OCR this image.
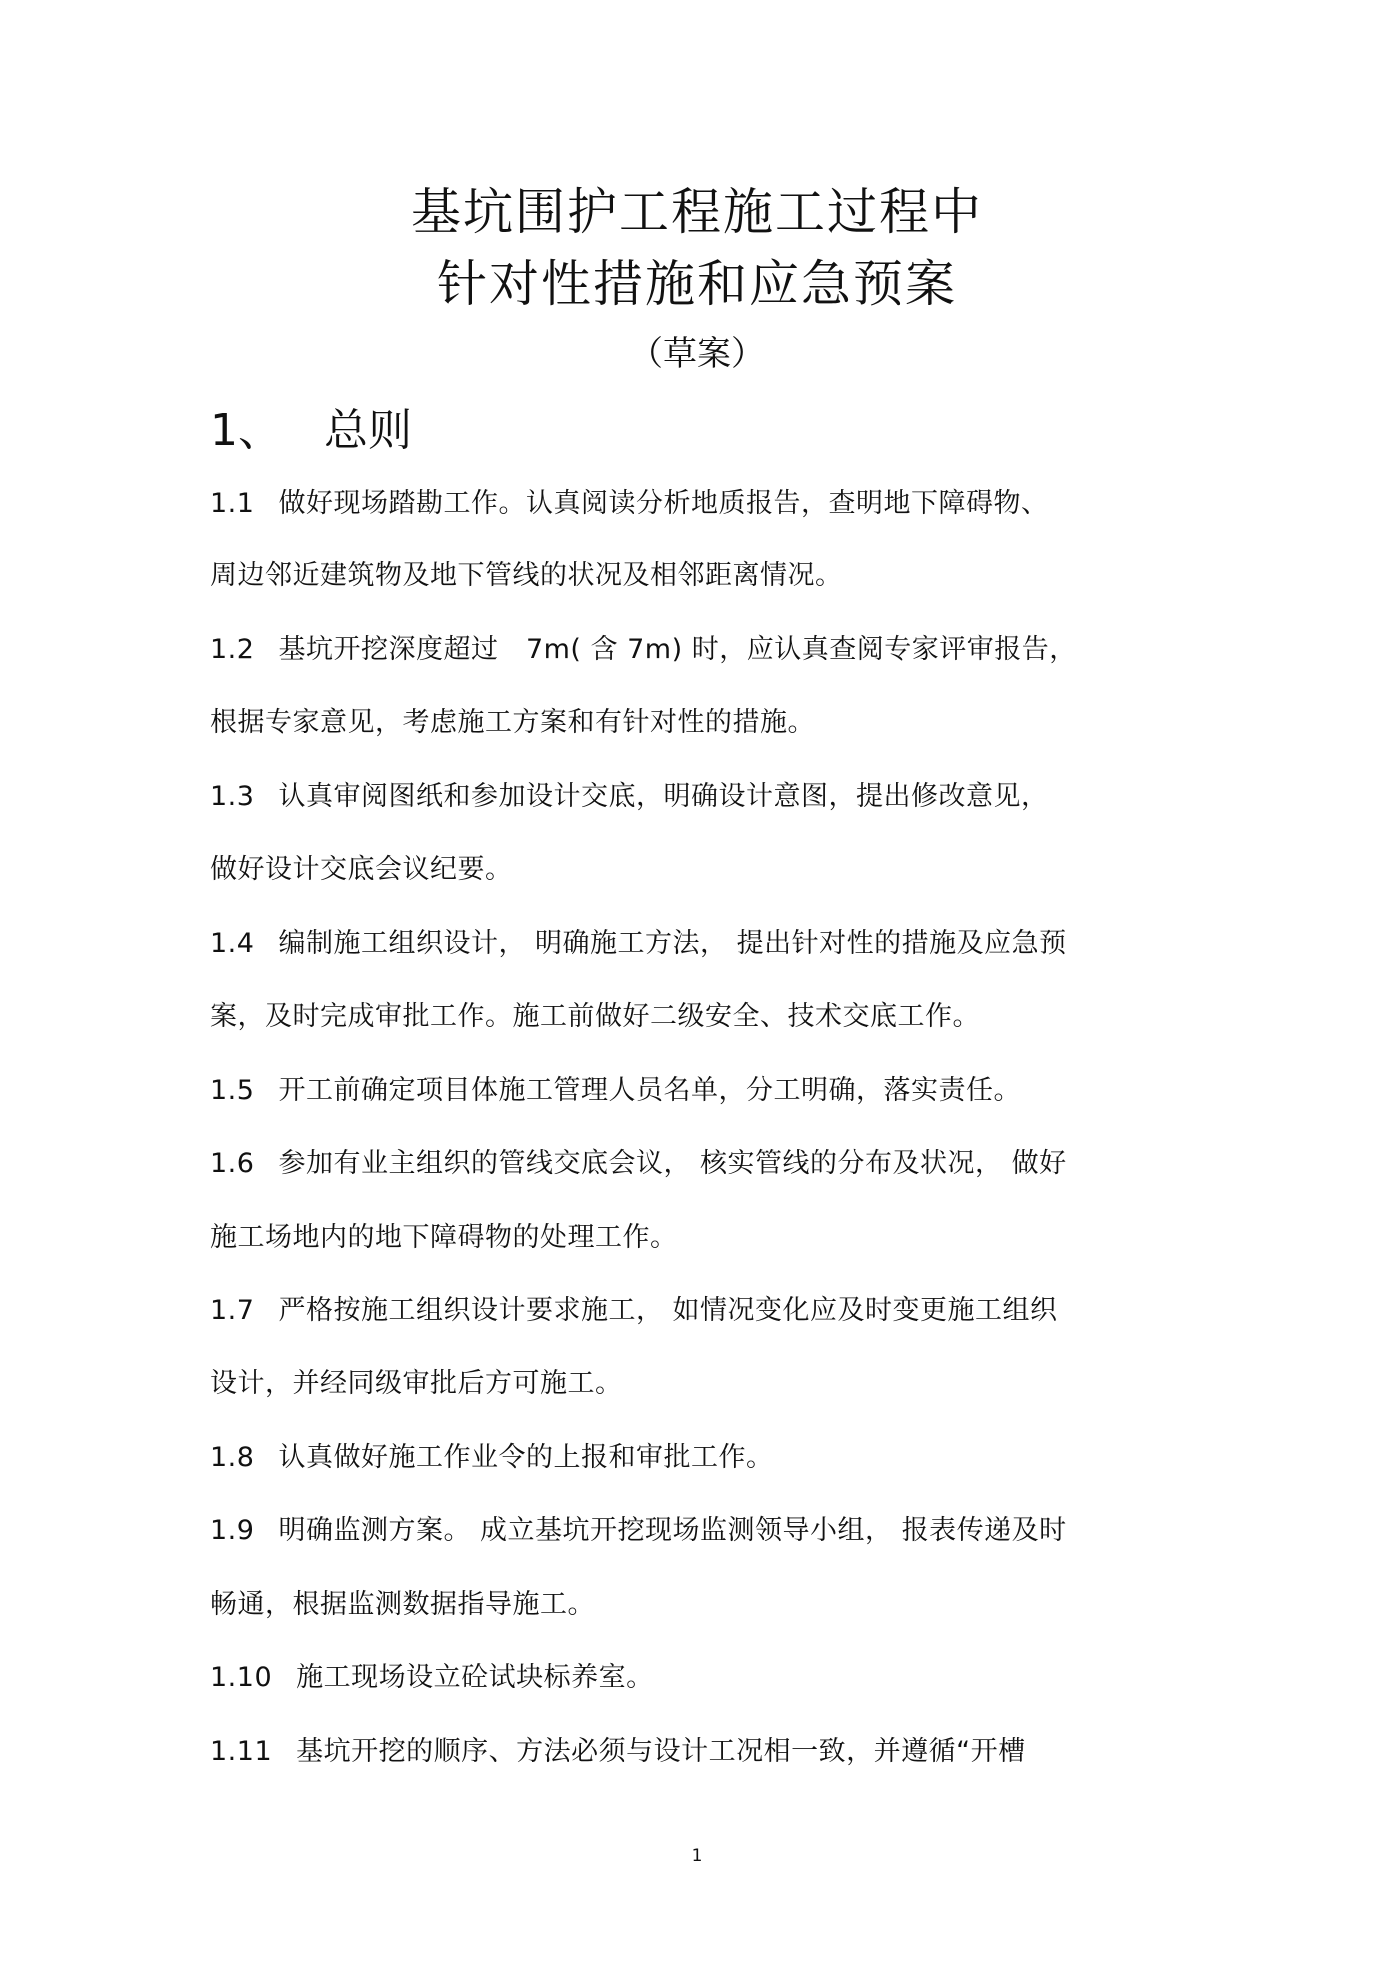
基坑围护工程施工过程中
针对性措施和应急预案
（草案）
1、 总则
1.1 做好现场踏勘工作。认真阅读分析地质报告，查明地下障碍物、
周边邻近建筑物及地下管线的状况及相邻距离情况。
1.2 基坑开挖深度超过　7m( 含 7m) 时，应认真查阅专家评审报告，
根据专家意见，考虑施工方案和有针对性的措施。
1.3 认真审阅图纸和参加设计交底，明确设计意图，提出修改意见，
做好设计交底会议纪要。
1.4 编制施工组织设计， 明确施工方法， 提出针对性的措施及应急预
案，及时完成审批工作。施工前做好二级安全、技术交底工作。
1.5 开工前确定项目体施工管理人员名单，分工明确，落实责任。
1.6 参加有业主组织的管线交底会议， 核实管线的分布及状况， 做好
施工场地内的地下障碍物的处理工作。
1.7 严格按施工组织设计要求施工， 如情况变化应及时变更施工组织
设计，并经同级审批后方可施工。
1.8 认真做好施工作业令的上报和审批工作。
1.9 明确监测方案。 成立基坑开挖现场监测领导小组， 报表传递及时
畅通，根据监测数据指导施工。
1.10 施工现场设立砼试块标养室。
1.11 基坑开挖的顺序、方法必须与设计工况相一致，并遵循“开槽
1
